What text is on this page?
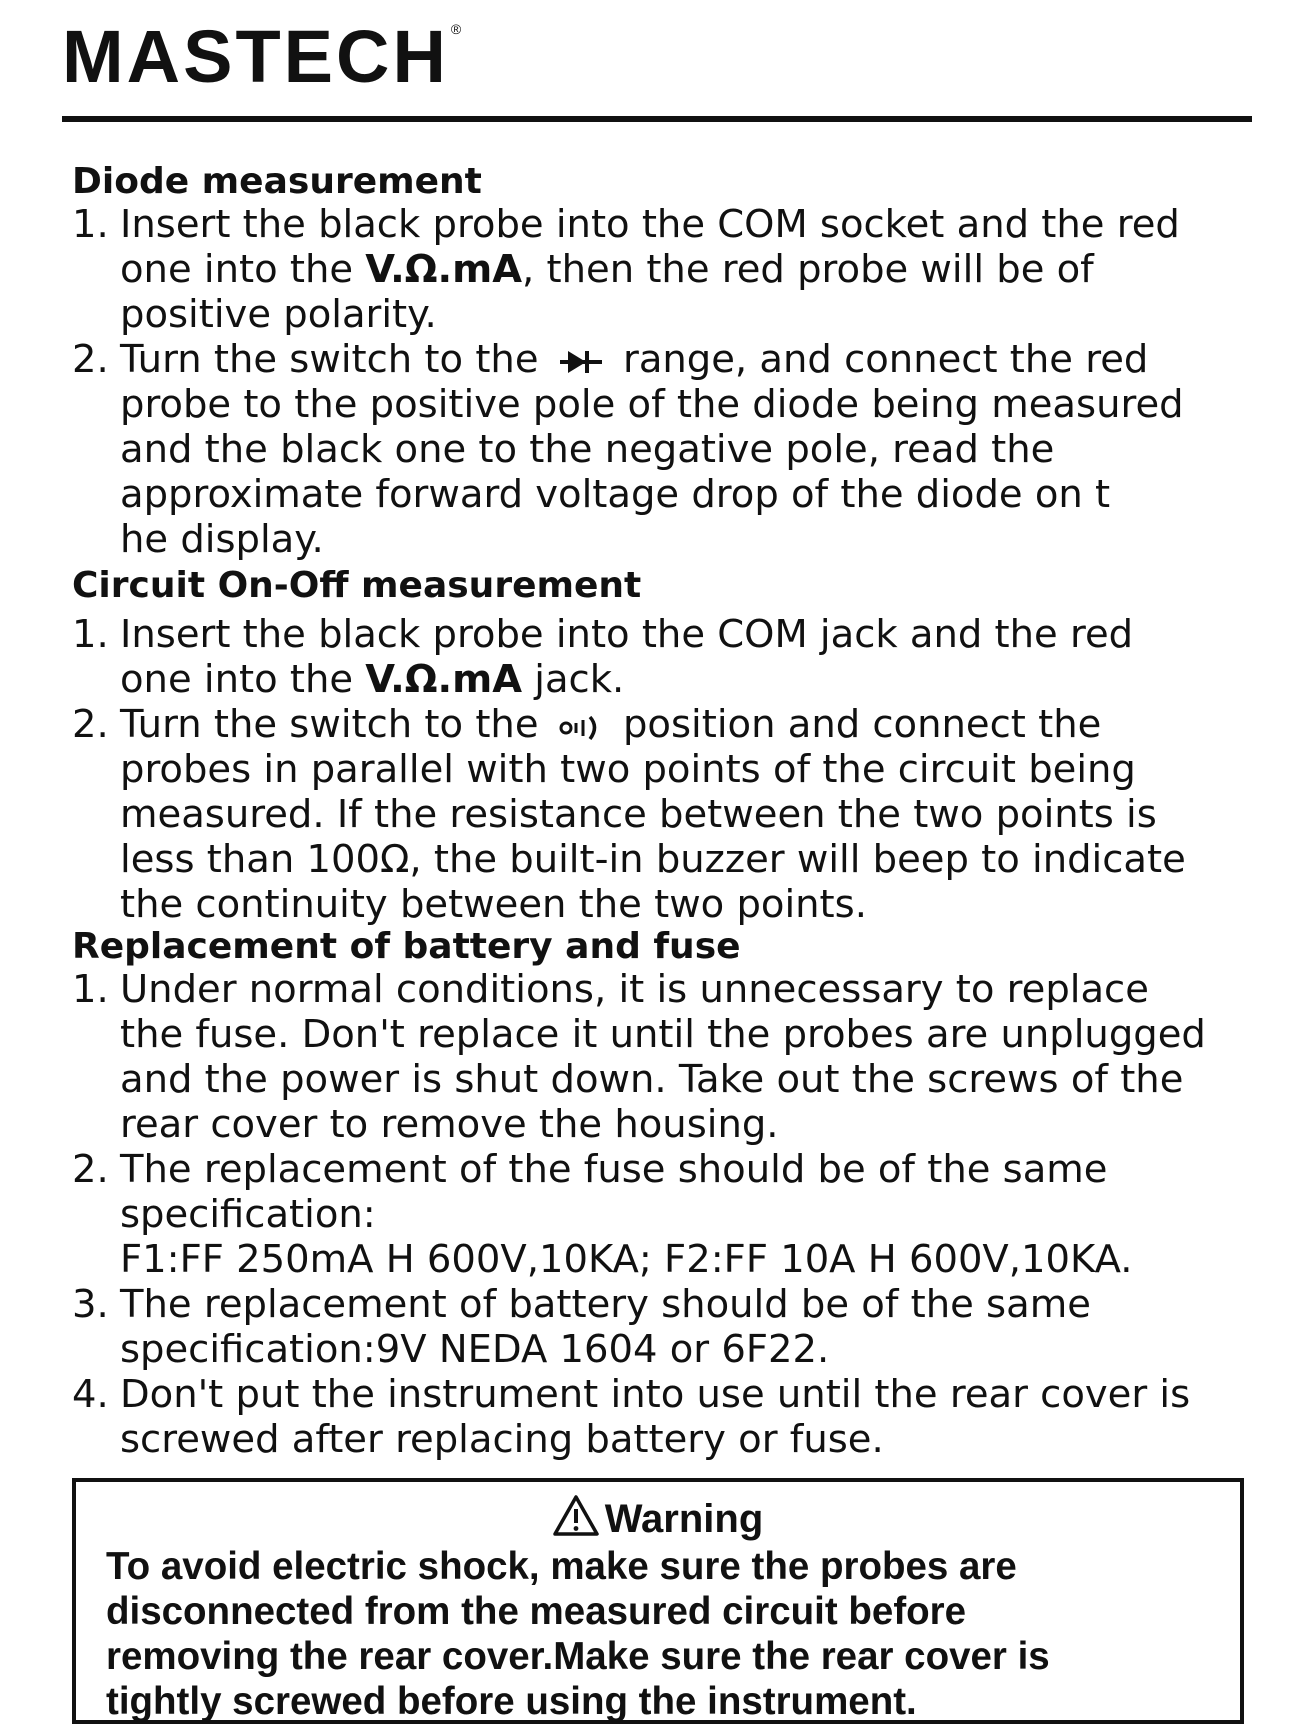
MASTECH ®
Diode measurement
1. Insert the black probe into the COM socket and the red
one into the V.Ω.mA, then the red probe will be of
positive polarity.
2. Turn the switch to the
range, and connect the red
probe to the positive pole of the diode being measured
and the black one to the negative pole, read the
approximate forward voltage drop of the diode on t
he display.
Circuit On-Off measurement
1. Insert the black probe into the COM jack and the red
one into the V.Ω.mA jack.
2. Turn the switch to the
position and connect the
probes in parallel with two points of the circuit being
measured. If the resistance between the two points is
less than 100Ω, the built-in buzzer will beep to indicate
the continuity between the two points.
Replacement of battery and fuse
1. Under normal conditions, it is unnecessary to replace
the fuse. Don't replace it until the probes are unplugged
and the power is shut down. Take out the screws of the
rear cover to remove the housing.
2. The replacement of the fuse should be of the same
specification:
F1:FF 250mA H 600V,10KA; F2:FF 10A H 600V,10KA.
3. The replacement of battery should be of the same
specification:9V NEDA 1604 or 6F22.
4. Don't put the instrument into use until the rear cover is
screwed after replacing battery or fuse.
Warning
To avoid electric shock, make sure the probes are
disconnected from the measured circuit before
removing the rear cover.Make sure the rear cover is
tightly screwed before using the instrument.
